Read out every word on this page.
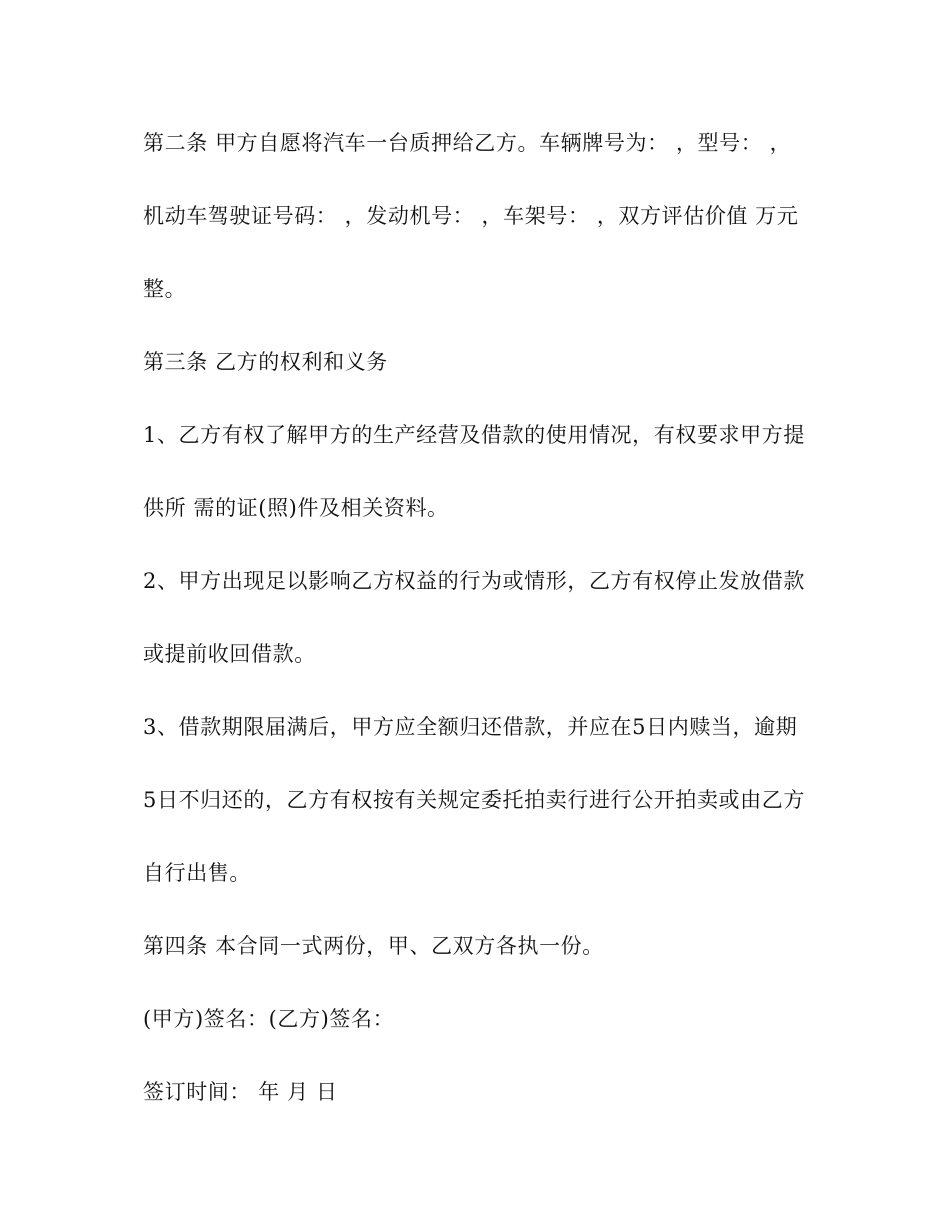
第二条 甲方自愿将汽车一台质押给乙方。车辆牌号为： ，型号： ，

机动车驾驶证号码： ，发动机号： ，车架号： ，双方评估价值 万元

整。

第三条 乙方的权利和义务

1、乙方有权了解甲方的生产经营及借款的使用情况，有权要求甲方提

供所 需的证(照)件及相关资料。

2、甲方出现足以影响乙方权益的行为或情形，乙方有权停止发放借款

或提前收回借款。

3、借款期限届满后，甲方应全额归还借款，并应在5日内赎当，逾期

5日不归还的，乙方有权按有关规定委托拍卖行进行公开拍卖或由乙方

自行出售。

第四条 本合同一式两份，甲、乙双方各执一份。

(甲方)签名：(乙方)签名：

签订时间： 年 月 日
